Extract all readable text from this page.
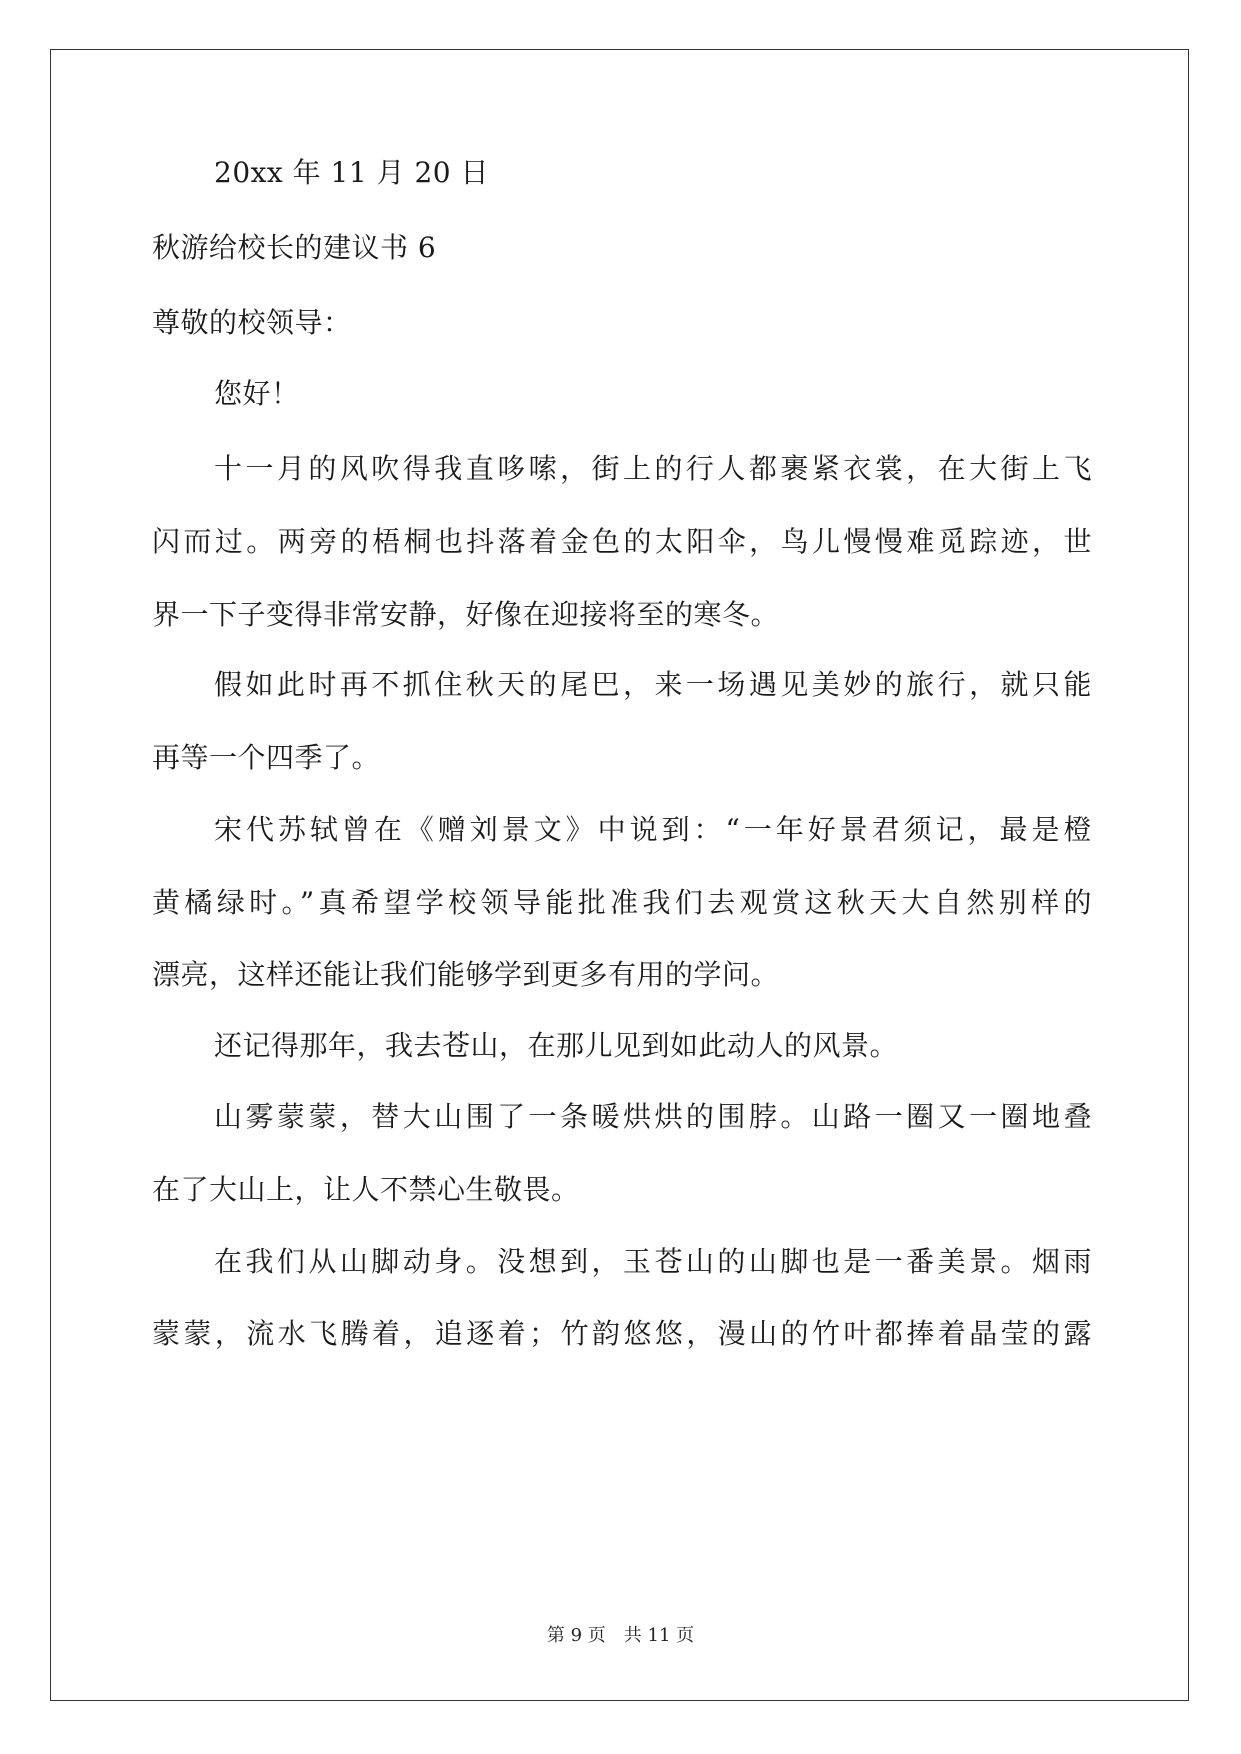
20xx 年 11 月 20 日
秋游给校长的建议书 6
尊敬的校领导：
您好！
十一月的风吹得我直哆嗦，街上的行人都裹紧衣裳，在大街上飞
闪而过。两旁的梧桐也抖落着金色的太阳伞，鸟儿慢慢难觅踪迹，世
界一下子变得非常安静，好像在迎接将至的寒冬。
假如此时再不抓住秋天的尾巴，来一场遇见美妙的旅行，就只能
再等一个四季了。
宋代苏轼曾在《赠刘景文》中说到：“一年好景君须记，最是橙
黄橘绿时。”真希望学校领导能批准我们去观赏这秋天大自然别样的
漂亮，这样还能让我们能够学到更多有用的学问。
还记得那年，我去苍山，在那儿见到如此动人的风景。
山雾蒙蒙，替大山围了一条暖烘烘的围脖。山路一圈又一圈地叠
在了大山上，让人不禁心生敬畏。
在我们从山脚动身。没想到，玉苍山的山脚也是一番美景。烟雨
蒙蒙，流水飞腾着，追逐着；竹韵悠悠，漫山的竹叶都捧着晶莹的露
第 9 页 共 11 页
